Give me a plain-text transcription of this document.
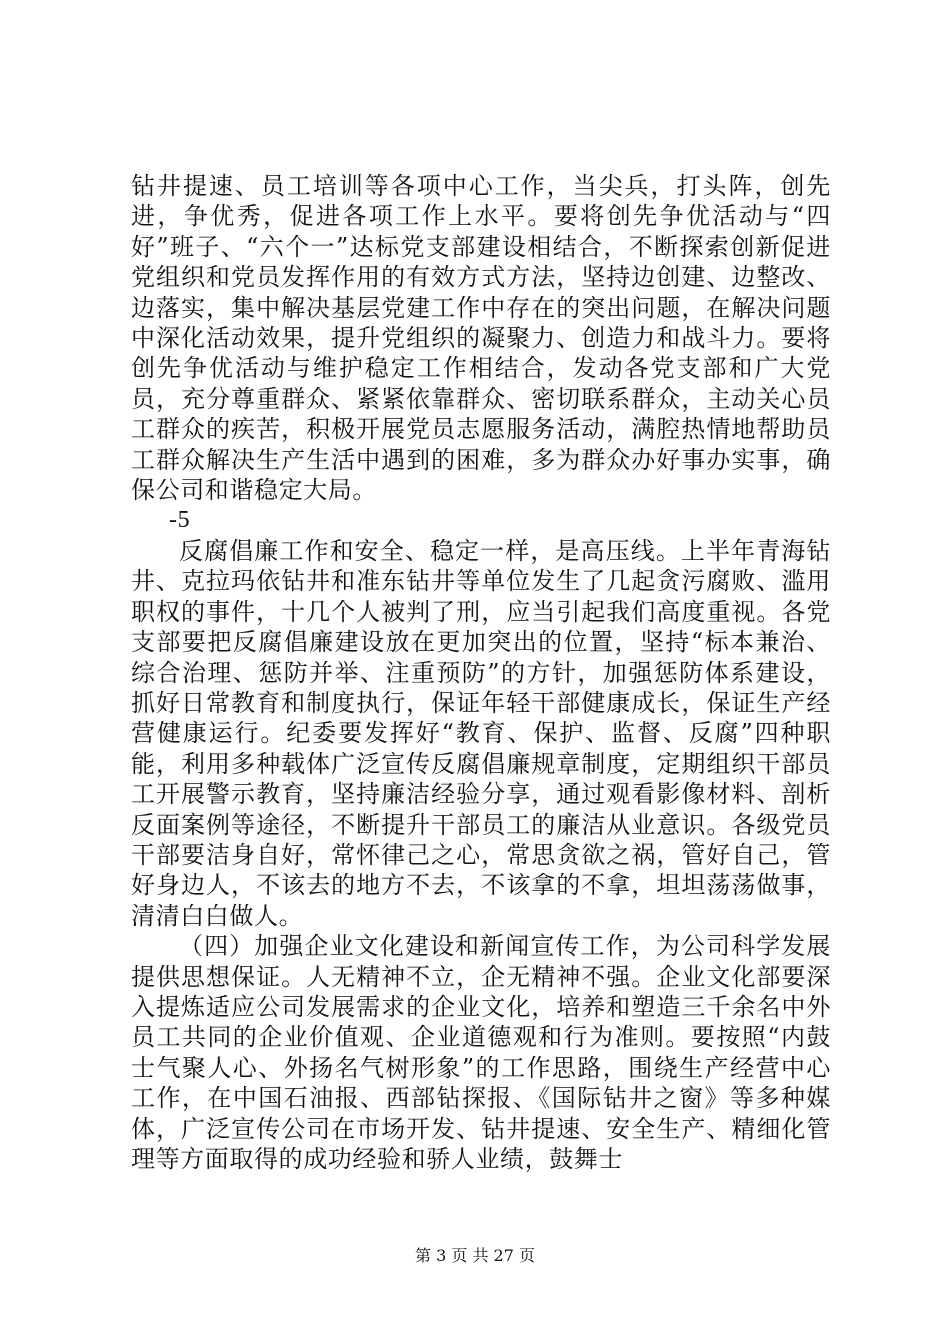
钻井提速、员工培训等各项中心工作，当尖兵，打头阵，创先进，争优秀，促进各项工作上水平。要将创先争优活动与“四好”班子、“六个一”达标党支部建设相结合，不断探索创新促进党组织和党员发挥作用的有效方式方法，坚持边创建、边整改、边落实，集中解决基层党建工作中存在的突出问题，在解决问题中深化活动效果，提升党组织的凝聚力、创造力和战斗力。要将创先争优活动与维护稳定工作相结合，发动各党支部和广大党员，充分尊重群众、紧紧依靠群众、密切联系群众，主动关心员工群众的疾苦，积极开展党员志愿服务活动，满腔热情地帮助员工群众解决生产生活中遇到的困难，多为群众办好事办实事，确保公司和谐稳定大局。

-5

反腐倡廉工作和安全、稳定一样，是高压线。上半年青海钻井、克拉玛依钻井和准东钻井等单位发生了几起贪污腐败、滥用职权的事件，十几个人被判了刑，应当引起我们高度重视。各党支部要把反腐倡廉建设放在更加突出的位置，坚持“标本兼治、综合治理、惩防并举、注重预防”的方针，加强惩防体系建设，抓好日常教育和制度执行，保证年轻干部健康成长，保证生产经营健康运行。纪委要发挥好“教育、保护、监督、反腐”四种职能，利用多种载体广泛宣传反腐倡廉规章制度，定期组织干部员工开展警示教育，坚持廉洁经验分享，通过观看影像材料、剖析反面案例等途径，不断提升干部员工的廉洁从业意识。各级党员干部要洁身自好，常怀律己之心，常思贪欲之祸，管好自己，管好身边人，不该去的地方不去，不该拿的不拿，坦坦荡荡做事，清清白白做人。

（四）加强企业文化建设和新闻宣传工作，为公司科学发展提供思想保证。人无精神不立，企无精神不强。企业文化部要深入提炼适应公司发展需求的企业文化，培养和塑造三千余名中外员工共同的企业价值观、企业道德观和行为准则。要按照“内鼓士气聚人心、外扬名气树形象”的工作思路，围绕生产经营中心工作，在中国石油报、西部钻探报、《国际钻井之窗》等多种媒体，广泛宣传公司在市场开发、钻井提速、安全生产、精细化管理等方面取得的成功经验和骄人业绩，鼓舞士

第 3 页 共 27 页
